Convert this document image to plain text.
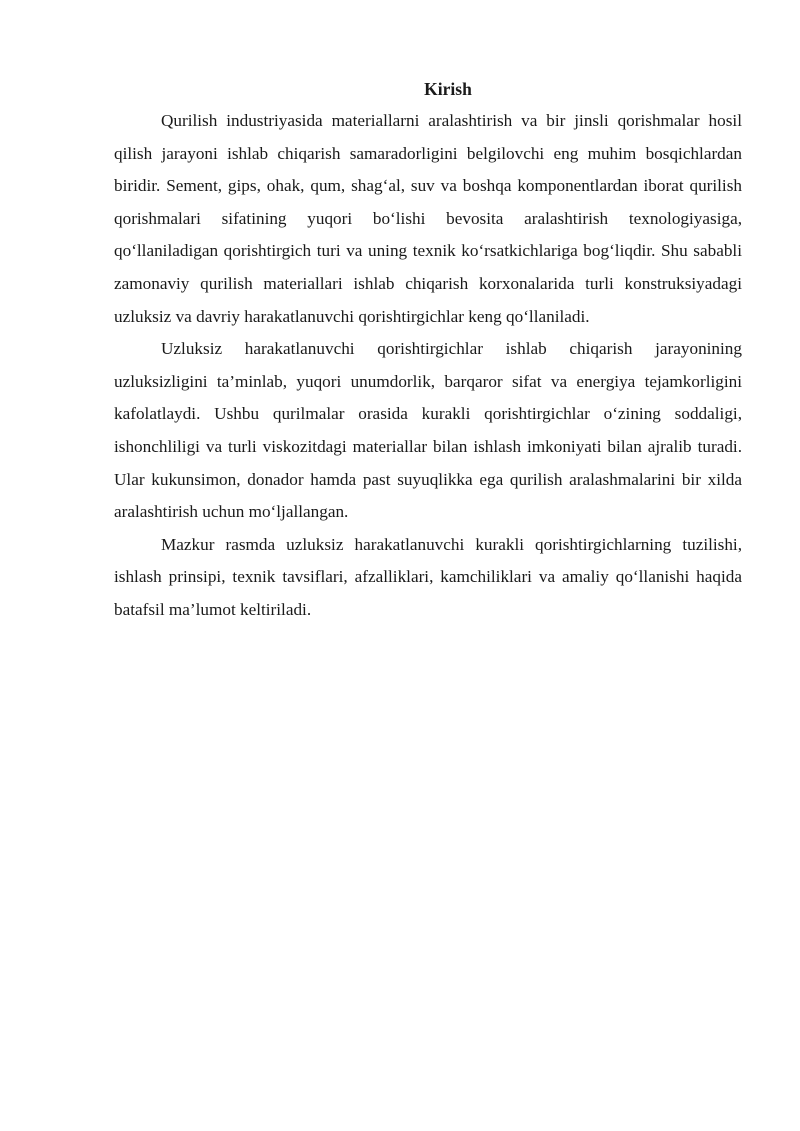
Kirish

Qurilish industriyasida materiallarni aralashtirish va bir jinsli qorishmalar hosil qilish jarayoni ishlab chiqarish samaradorligini belgilovchi eng muhim bosqichlardan biridir. Sement, gips, ohak, qum, shag‘al, suv va boshqa komponentlardan iborat qurilish qorishmalari sifatining yuqori bo‘lishi bevosita aralashtirish texnologiyasiga, qo‘llaniladigan qorishtirgich turi va uning texnik ko‘rsatkichlariga bog‘liqdir. Shu sababli zamonaviy qurilish materiallari ishlab chiqarish korxonalarida turli konstruksiyadagi uzluksiz va davriy harakatlanuvchi qorishtirgichlar keng qo‘llaniladi.

Uzluksiz harakatlanuvchi qorishtirgichlar ishlab chiqarish jarayonining uzluksizligini ta’minlab, yuqori unumdorlik, barqaror sifat va energiya tejamkorligini kafolatlaydi. Ushbu qurilmalar orasida kurakli qorishtirgichlar o‘zining soddaligi, ishonchliligi va turli viskozitdagi materiallar bilan ishlash imkoniyati bilan ajralib turadi. Ular kukunsimon, donador hamda past suyuqlikka ega qurilish aralashmalarini bir xilda aralashtirish uchun mo‘ljallangan.

Mazkur rasmda uzluksiz harakatlanuvchi kurakli qorishtirgichlarning tuzilishi, ishlash prinsipi, texnik tavsiflari, afzalliklari, kamchiliklari va amaliy qo‘llanishi haqida batafsil ma’lumot keltiriladi.
